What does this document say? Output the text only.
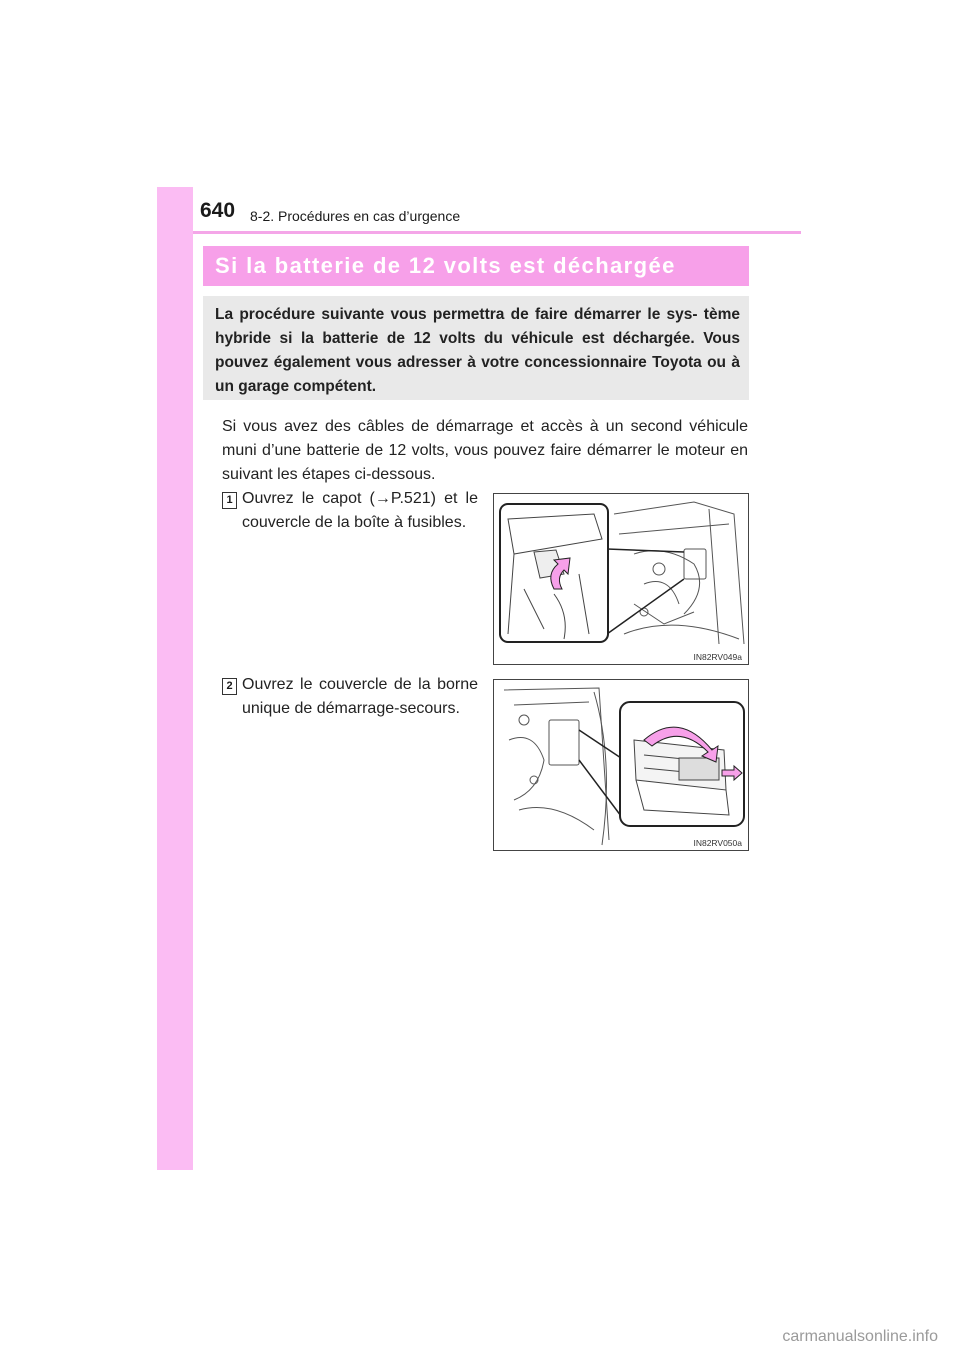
640 8-2. Procédures en cas d’urgence
Si la batterie de 12 volts est déchargée
La procédure suivante vous permettra de faire démarrer le sys- tème hybride si la batterie de 12 volts du véhicule est déchargée. Vous pouvez également vous adresser à votre concessionnaire Toyota ou à un garage compétent.
Si vous avez des câbles de démarrage et accès à un second véhicule muni d’une batterie de 12 volts, vous pouvez faire démarrer le moteur en suivant les étapes ci-dessous.
1 Ouvrez le capot (→P.521) et le couvercle de la boîte à fusibles.
IN82RV049a
2 Ouvrez le couvercle de la borne unique de démarrage-secours.
IN82RV050a
carmanualsonline.info
